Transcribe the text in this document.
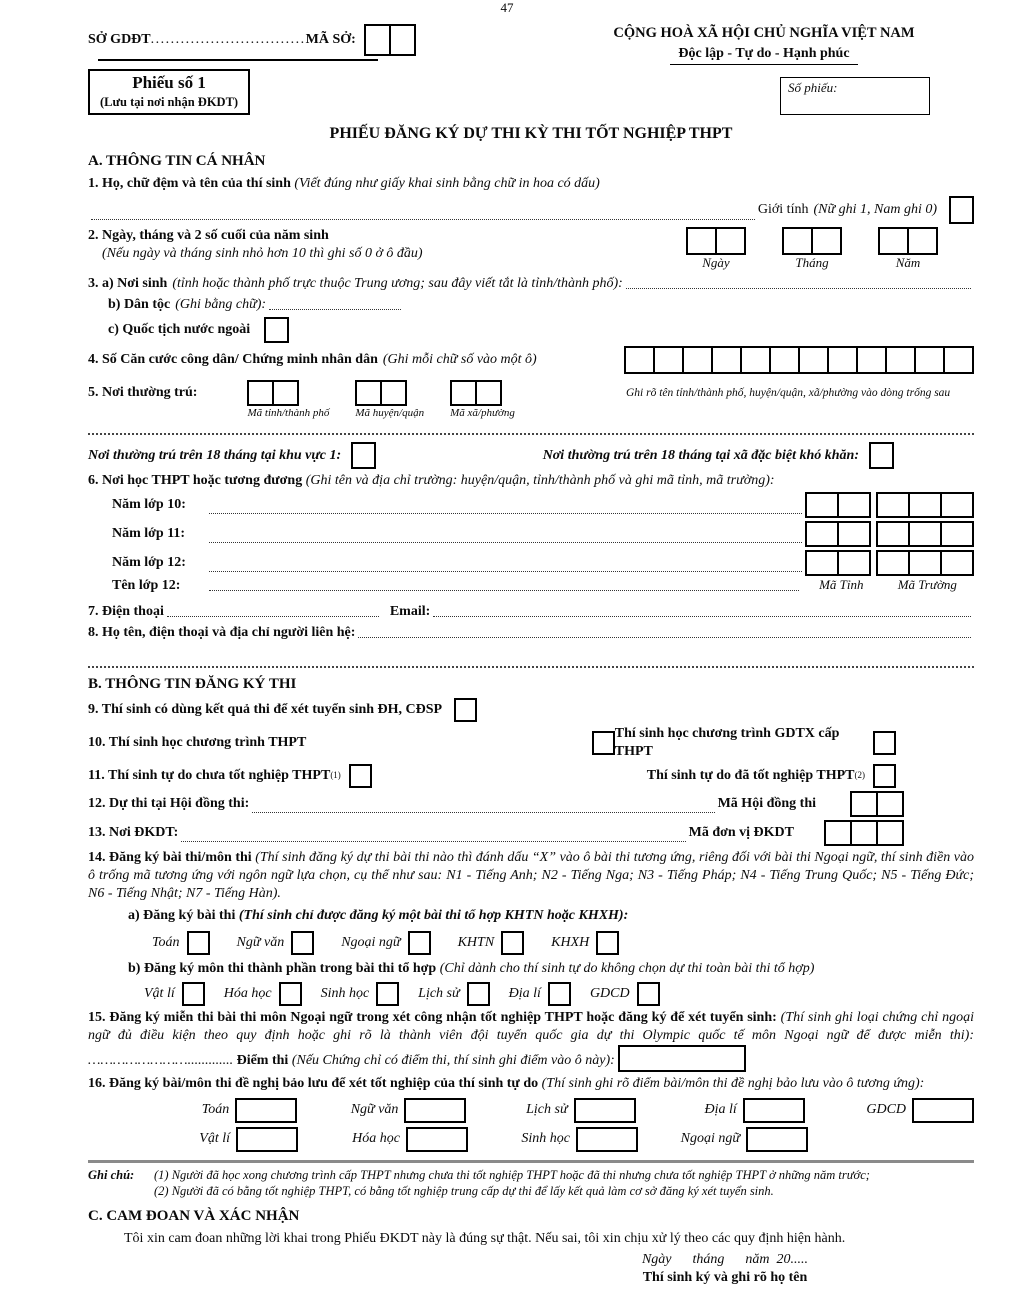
47
SỞ GDĐT ............................... MÃ SỞ:	CỘNG HOÀ XÃ HỘI CHỦ NGHĨA VIỆT NAM
Độc lập - Tự do - Hạnh phúc
Phiếu số 1
(Lưu tại nơi nhận ĐKDT)
Số phiếu:
PHIẾU ĐĂNG KÝ DỰ THI KỲ THI TỐT NGHIỆP THPT
A. THÔNG TIN CÁ NHÂN
1. Họ, chữ đệm và tên của thí sinh (Viết đúng như giấy khai sinh bằng chữ in hoa có dấu)
Giới tính (Nữ ghi 1, Nam ghi 0)
2. Ngày, tháng và 2 số cuối của năm sinh
(Nếu ngày và tháng sinh nhỏ hơn 10 thì ghi số 0 ở ô đầu)
Ngày	Tháng	Năm
3. a) Nơi sinh (tỉnh hoặc thành phố trực thuộc Trung ương; sau đây viết tắt là tỉnh/thành phố):
b) Dân tộc (Ghi bằng chữ):
c) Quốc tịch nước ngoài
4. Số Căn cước công dân/ Chứng minh nhân dân (Ghi mỗi chữ số vào một ô)
5. Nơi thường trú:
Mã tỉnh/thành phố Mã huyện/quận Mã xã/phường
Ghi rõ tên tỉnh/thành phố, huyện/quận, xã/phường vào dòng trống sau
Nơi thường trú trên 18 tháng tại khu vực 1:	Nơi thường trú trên 18 tháng tại xã đặc biệt khó khăn:
6. Nơi học THPT hoặc tương đương (Ghi tên và địa chỉ trường: huyện/quận, tỉnh/thành phố và ghi mã tỉnh, mã trường):
Năm lớp 10:
Năm lớp 11:
Năm lớp 12:
Tên lớp 12:	Mã Tỉnh	Mã Trường
7. Điện thoại	Email:
8. Họ tên, điện thoại và địa chỉ người liên hệ:
B. THÔNG TIN ĐĂNG KÝ THI
9. Thí sinh có dùng kết quả thi để xét tuyển sinh ĐH, CĐSP
10. Thí sinh học chương trình THPT
Thí sinh học chương trình GDTX cấp THPT
11. Thí sinh tự do chưa tốt nghiệp THPT (1)	Thí sinh tự do đã tốt nghiệp THPT (2)
12. Dự thi tại Hội đồng thi:	Mã Hội đồng thi
13. Nơi ĐKDT:	Mã đơn vị ĐKDT
14. Đăng ký bài thi/môn thi (Thí sinh đăng ký dự thi bài thi nào thì đánh dấu “X” vào ô bài thi tương ứng, riêng đối với bài thi Ngoại ngữ, thí sinh điền vào ô trống mã tương ứng với ngôn ngữ lựa chọn, cụ thể như sau: N1 - Tiếng Anh; N2 - Tiếng Nga; N3 - Tiếng Pháp; N4 - Tiếng Trung Quốc; N5 - Tiếng Đức; N6 - Tiếng Nhật; N7 - Tiếng Hàn).
a) Đăng ký bài thi (Thí sinh chỉ được đăng ký một bài thi tổ hợp KHTN hoặc KHXH):
Toán	Ngữ văn	Ngoại ngữ	KHTN	KHXH
b) Đăng ký môn thi thành phần trong bài thi tổ hợp (Chỉ dành cho thí sinh tự do không chọn dự thi toàn bài thi tổ hợp)
Vật lí	Hóa học	Sinh học	Lịch sử	Địa lí	GDCD
15. Đăng ký miễn thi bài thi môn Ngoại ngữ trong xét công nhận tốt nghiệp THPT hoặc đăng ký để xét tuyển sinh: (Thí sinh ghi loại chứng chỉ ngoại ngữ đủ điều kiện theo quy định hoặc ghi rõ là thành viên đội tuyển quốc gia dự thi Olympic quốc tế môn Ngoại ngữ để được miễn thi): ……………………............. Điểm thi (Nếu Chứng chỉ có điểm thi, thí sinh ghi điểm vào ô này):
16. Đăng ký bài/môn thi đề nghị bảo lưu để xét tốt nghiệp của thí sinh tự do (Thí sinh ghi rõ điểm bài/môn thi đề nghị bảo lưu vào ô tương ứng):
Toán	Ngữ văn	Lịch sử	Địa lí	GDCD
Vật lí	Hóa học	Sinh học	Ngoại ngữ
Ghi chú:	(1) Người đã học xong chương trình cấp THPT nhưng chưa thi tốt nghiệp THPT hoặc đã thi nhưng chưa tốt nghiệp THPT ở những năm trước;
(2) Người đã có bằng tốt nghiệp THPT, có bằng tốt nghiệp trung cấp dự thi để lấy kết quả làm cơ sở đăng ký xét tuyển sinh.
C. CAM ĐOAN VÀ XÁC NHẬN
Tôi xin cam đoan những lời khai trong Phiếu ĐKDT này là đúng sự thật. Nếu sai, tôi xin chịu xử lý theo các quy định hiện hành.
Ngày      tháng      năm  20.....
Thí sinh ký và ghi rõ họ tên
